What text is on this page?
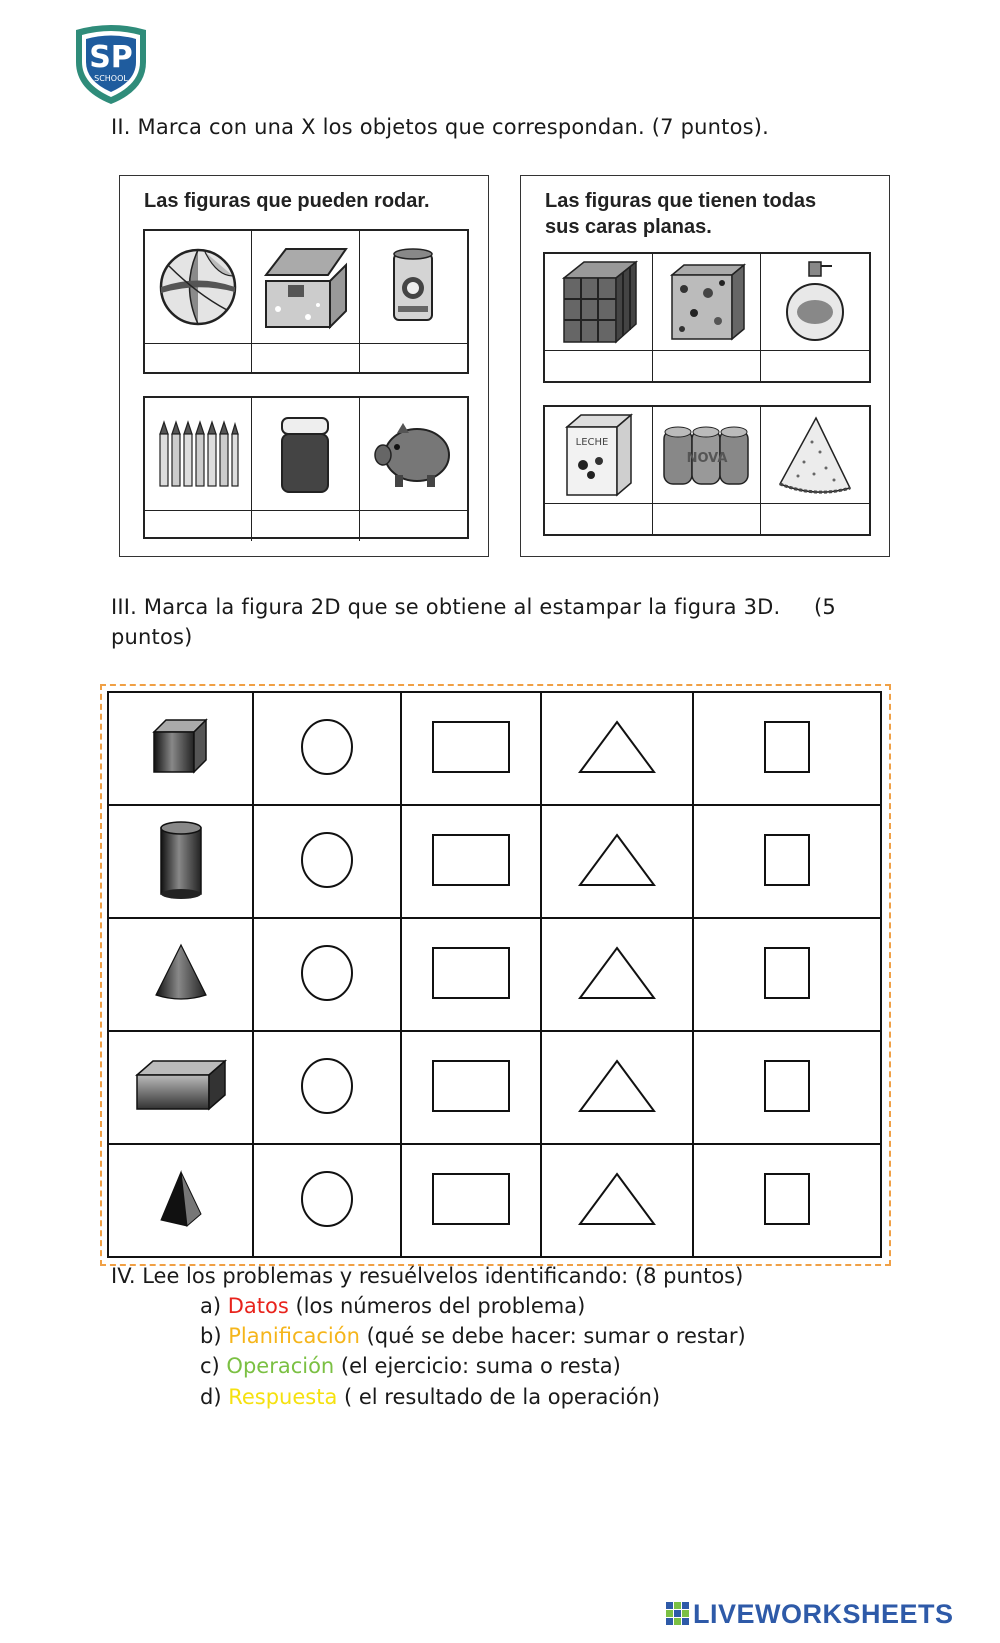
SP
SCHOOL
II. Marca con una X los objetos que correspondan. (7 puntos).
Las figuras que pueden rodar.	Las figuras que tienen todas
sus caras planas.
LECHE
NOVA
III. Marca la figura 2D que se obtiene al estampar la figura 3D. (5
puntos)

IV. Lee los problemas y resuélvelos identificando: (8 puntos)
a) Datos (los números del problema)
b) Planificación (qué se debe hacer: sumar o restar)
c) Operación (el ejercicio: suma o resta)
d) Respuesta ( el resultado de la operación)
LIVEWORKSHEETS
